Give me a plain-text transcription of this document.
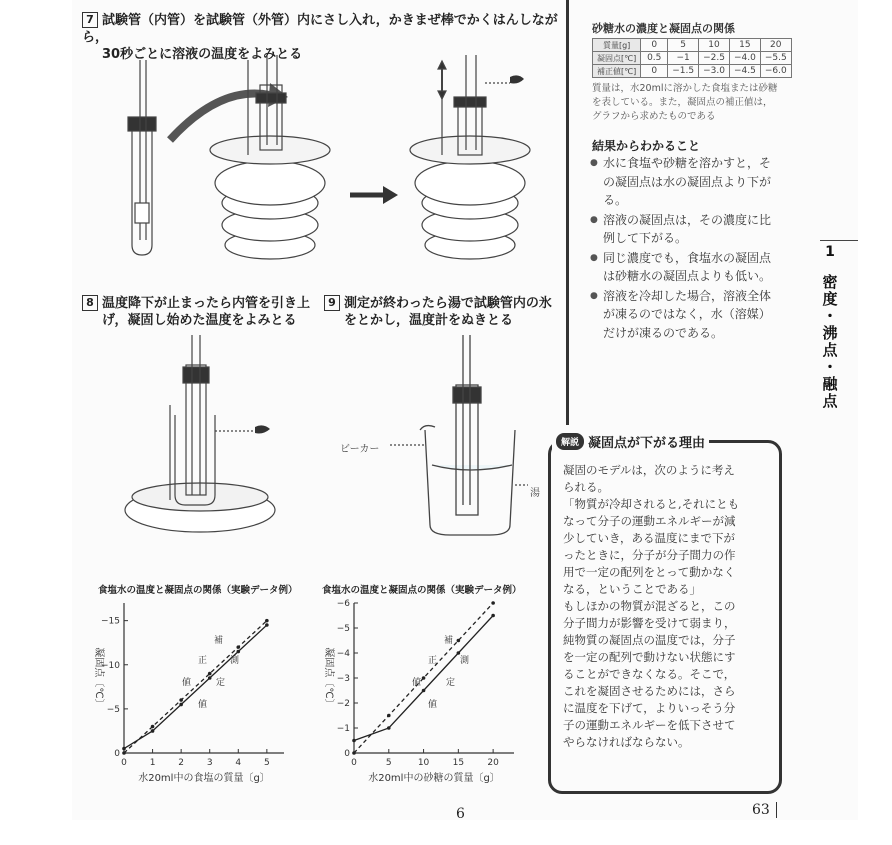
7 試験管（内管）を試験管（外管）内にさし入れ，かきまぜ棒でかくはんしながら，
30秒ごとに溶液の温度をよみとる
8 温度降下が止まったら内管を引き上
げ，凝固し始めた温度をよみとる
9 測定が終わったら湯で試験管内の氷
をとかし，温度計をぬきとる
ビーカー
湯
砂糖水の濃度と凝固点の関係
質量[g]	0	5	10	15	20
凝固点[℃]	0.5	−1	−2.5	−4.0	−5.5
補正値[℃]	0	−1.5	−3.0	−4.5	−6.0
質量は，水20mlに溶かした食塩または砂糖
を表している。また，凝固点の補正値は，
グラフから求めたものである
結果からわかること
● 水に食塩や砂糖を溶かすと，そ
の凝固点は水の凝固点より下が
る。
● 溶液の凝固点は，その濃度に比
例して下がる。
● 同じ濃度でも，食塩水の凝固点
は砂糖水の凝固点よりも低い。
● 溶液を冷却した場合，溶液全体
が凍るのではなく，水（溶媒）
だけが凍るのである。
1
密度・沸点・融点
解説 凝固点が下がる理由
凝固のモデルは，次のように考え
られる。
「物質が冷却されると,それにとも
なって分子の運動エネルギーが減
少していき，ある温度にまで下が
ったときに，分子が分子間力の作
用で一定の配列をとって動かなく
なる，ということである」
もしほかの物質が混ざると，この
分子間力が影響を受けて弱まり，
純物質の凝固点の温度では，分子
を一定の配列で動けない状態にす
ることができなくなる。そこで，
これを凝固させるためには，さら
に温度を下げて，よりいっそう分
子の運動エネルギーを低下させて
やらなければならない。
食塩水の温度と凝固点の関係（実験データ例）
0	1	2	3	4	5
0
−5
−10
−15
補
正
値
測
定
値
水20ml中の食塩の質量〔g〕
凝固点〔℃〕
食塩水の温度と凝固点の関係（実験データ例）
0	5	10	15	20
0
−1
−2
−3
−4
−5
−6
補
正
値
測
定
値
水20ml中の砂糖の質量〔g〕
凝固点〔℃〕
6	63
